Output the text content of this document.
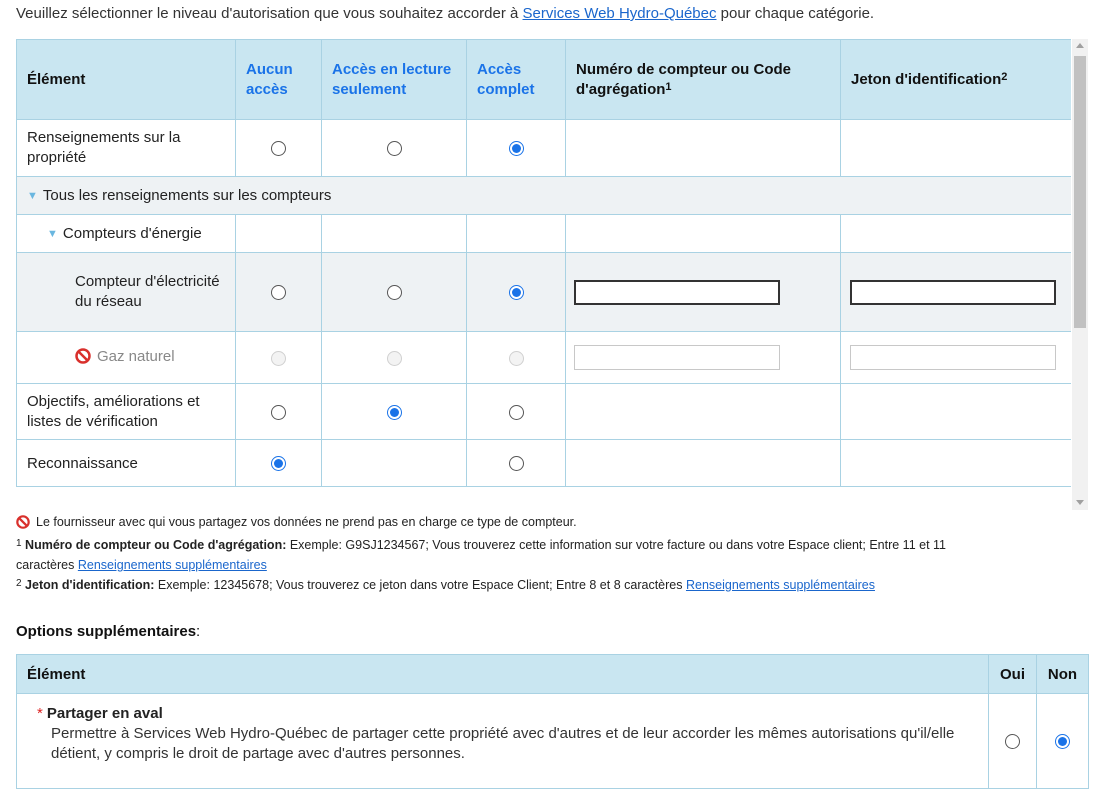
Veuillez sélectionner le niveau d'autorisation que vous souhaitez accorder à Services Web Hydro-Québec pour chaque catégorie.
Élément	Aucun accès	Accès en lecture seulement	Accès complet	Numéro de compteur ou Code d'agrégation$^1$	Jeton d'identification$^2$
Renseignements sur la propriété					
▼ Tous les renseignements sur les compteurs					
▼ Compteurs d'énergie					
Compteur d'électricité du réseau					
Gaz naturel					
Objectifs, améliorations et listes de vérification					
Reconnaissance					
Le fournisseur avec qui vous partagez vos données ne prend pas en charge ce type de compteur.
$^1$ Numéro de compteur ou Code d'agrégation: Exemple: G9SJ1234567; Vous trouverez cette information sur votre facture ou dans votre Espace client; Entre 11 et 11
caractères Renseignements supplémentaires
$^2$ Jeton d'identification: Exemple: 12345678; Vous trouverez ce jeton dans votre Espace Client; Entre 8 et 8 caractères Renseignements supplémentaires
Options supplémentaires:
Élément	Oui	Non
* Partager en aval
Permettre à Services Web Hydro-Québec de partager cette propriété avec d'autres et de leur accorder les mêmes autorisations qu'il/elle détient, y compris le droit de partage avec d'autres personnes.		
